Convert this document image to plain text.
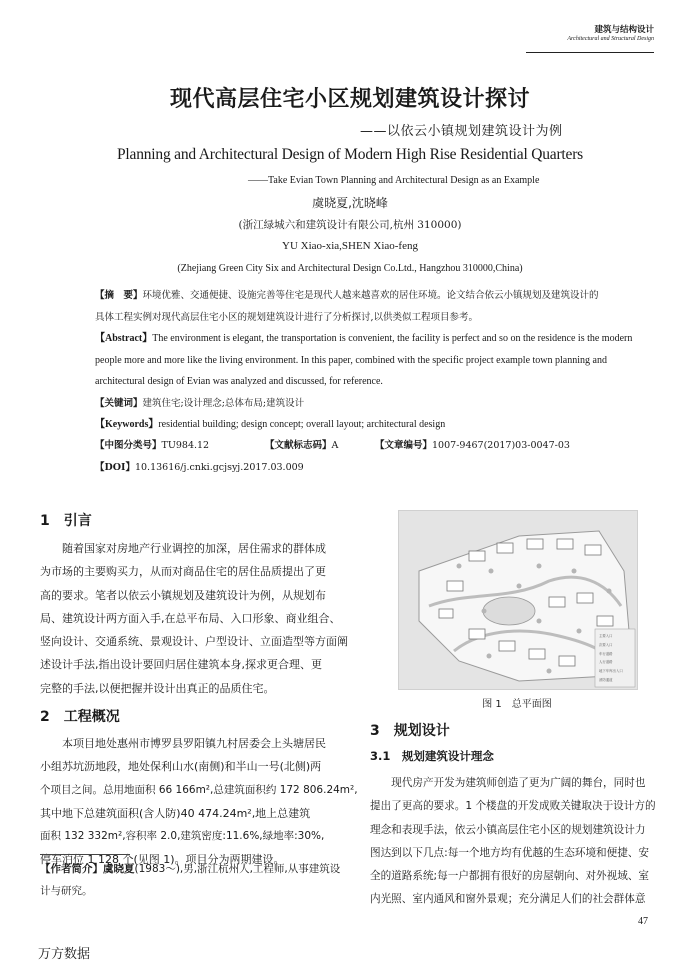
建筑与结构设计
Architectural and Structural Design
现代高层住宅小区规划建筑设计探讨
——以依云小镇规划建筑设计为例
Planning and Architectural Design of Modern High Rise Residential Quarters
——Take Evian Town Planning and Architectural Design as an Example
虞晓夏,沈晓峰
(浙江绿城六和建筑设计有限公司,杭州 310000)
YU Xiao-xia,SHEN Xiao-feng
(Zhejiang Green City Six and Architectural Design Co.Ltd., Hangzhou 310000,China)
【摘　要】环境优雅、交通便捷、设施完善等住宅是现代人越来越喜欢的居住环境。论文结合依云小镇规划及建筑设计的
具体工程实例对现代高层住宅小区的规划建筑设计进行了分析探讨,以供类似工程项目参考。
【Abstract】The environment is elegant, the transportation is convenient, the facility is perfect and so on the residence is the modern
people more and more like the living environment. In this paper, combined with the specific project example town planning and
architectural design of Evian was analyzed and discussed, for reference.
【关键词】建筑住宅;设计理念;总体布局;建筑设计
【Keywords】residential building; design concept; overall layout; architectural design
【中图分类号】TU984.12	【文献标志码】A	【文章编号】1007-9467(2017)03-0047-03
【DOI】10.13616/j.cnki.gcjsyj.2017.03.009
1　引言
　　随着国家对房地产行业调控的加深，居住需求的群体成
为市场的主要购买力，从而对商品住宅的居住品质提出了更
高的要求。笔者以依云小镇规划及建筑设计为例，从规划布
局、建筑设计两方面入手,在总平布局、入口形象、商业组合、
竖向设计、交通系统、景观设计、户型设计、立面造型等方面阐
述设计手法,指出设计要回归居住建筑本身,探求更合理、更
完整的手法,以便把握并设计出真正的品质住宅。
2　工程概况
　　本项目地处惠州市博罗县罗阳镇九村居委会上头塘居民
小组苏坑沥地段，地处保利山水(南侧)和半山一号(北侧)两
个项目之间。总用地面积 66 166m²,总建筑面积约 172 806.24m²,
其中地下总建筑面积(含人防)40 474.24m²,地上总建筑
面积 132 332m²,容积率 2.0,建筑密度:11.6%,绿地率:30%,
停车泊位 1 128 个(见图 1)。项目分为两期建设。
【作者简介】虞晓夏(1983～),男,浙江杭州人,工程师,从事建筑设
计与研究。
主要入口
次要入口
车行道路
人行道路
地下车库出入口
消防通道
图 1　总平面图
3　规划设计
3.1　规划建筑设计理念
　　现代房产开发为建筑师创造了更为广阔的舞台，同时也
提出了更高的要求。1 个楼盘的开发成败关键取决于设计方的
理念和表现手法，依云小镇高层住宅小区的规划建筑设计力
图达到以下几点:每一个地方均有优越的生态环境和便捷、安
全的道路系统;每一户都拥有很好的房屋朝向、对外视域、室
内光照、室内通风和窗外景观；充分满足人们的社会群体意
47
万方数据
